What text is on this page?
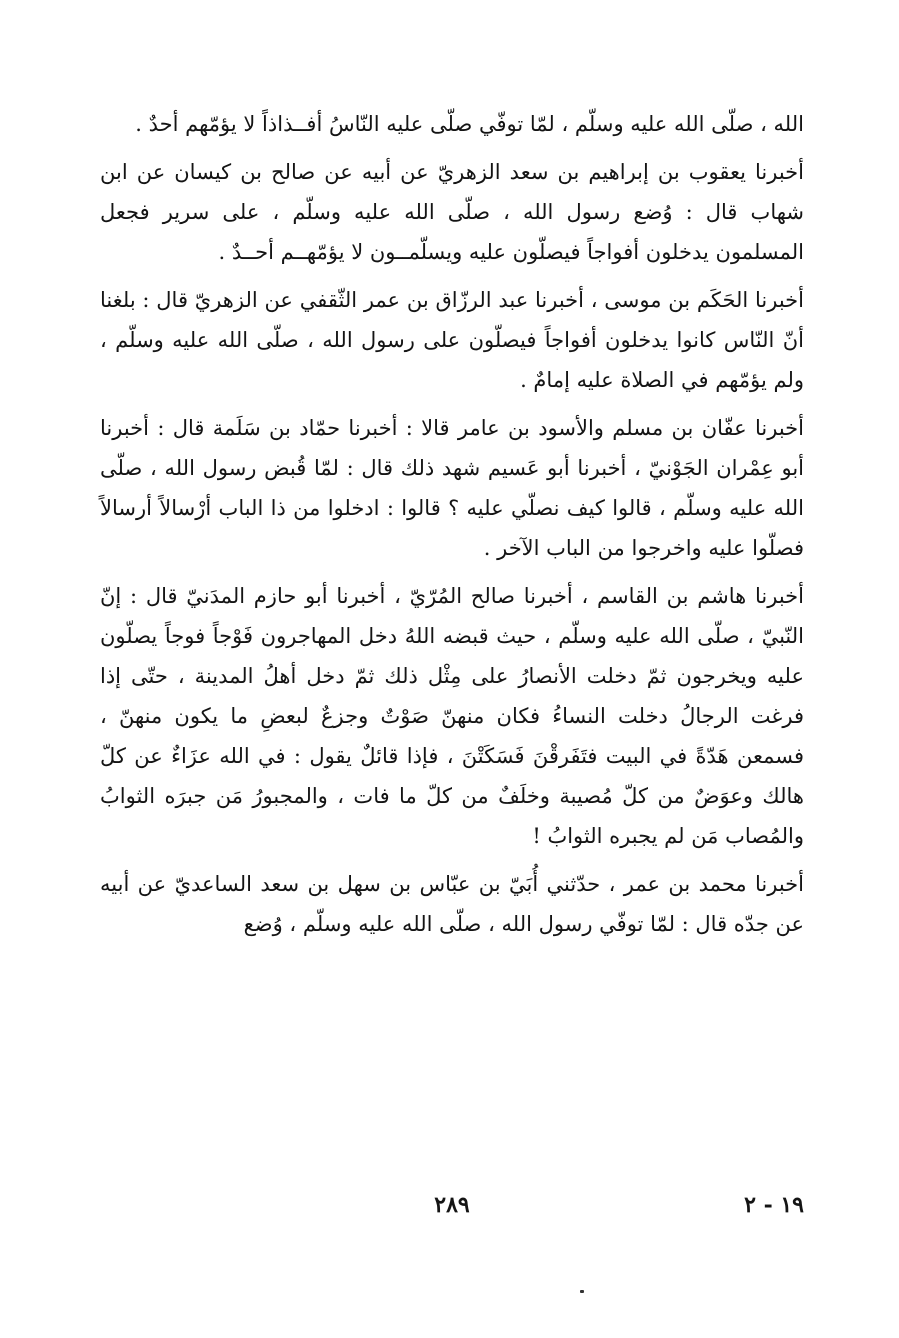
الله ، صلّى الله عليه وسلّم ، لمّا توفّي صلّى عليه النّاسُ أفــذاذاً لا يؤمّهم أحدٌ .

أخبرنا يعقوب بن إبراهيم بن سعد الزهريّ عن أبيه عن صالح بن كيسان عن ابن شهاب قال : وُضع رسول الله ، صلّى الله عليه وسلّم ، على سرير فجعل المسلمون يدخلون أفواجاً فيصلّون عليه ويسلّمــون لا يؤمّهــم أحــدٌ .

أخبرنا الحَكَم بن موسى ، أخبرنا عبد الرزّاق بن عمر الثّقفي عن الزهريّ قال : بلغنا أنّ النّاس كانوا يدخلون أفواجاً فيصلّون على رسول الله ، صلّى الله عليه وسلّم ، ولم يؤمّهم في الصلاة عليه إمامٌ .

أخبرنا عفّان بن مسلم والأسود بن عامر قالا : أخبرنا حمّاد بن سَلَمة قال : أخبرنا أبو عِمْران الجَوْنيّ ، أخبرنا أبو عَسيم شهد ذلك قال : لمّا قُبض رسول الله ، صلّى الله عليه وسلّم ، قالوا كيف نصلّي عليه ؟ قالوا : ادخلوا من ذا الباب أرْسالاً أرسالاً فصلّوا عليه واخرجوا من الباب الآخر .

أخبرنا هاشم بن القاسم ، أخبرنا صالح المُرّيّ ، أخبرنا أبو حازم المدَنيّ قال : إنّ النّبيّ ، صلّى الله عليه وسلّم ، حيث قبضه اللهُ دخل المهاجرون فَوْجاً فوجاً يصلّون عليه ويخرجون ثمّ دخلت الأنصارُ على مِثْل ذلك ثمّ دخل أهلُ المدينة ، حتّى إذا فرغت الرجالُ دخلت النساءُ فكان منهنّ صَوْتٌ وجزعٌ لبعضِ ما يكون منهنّ ، فسمعن هَدّةً في البيت فتَفَرقْنَ فَسَكَتْنَ ، فإذا قائلٌ يقول : في الله عزَاءٌ عن كلّ هالك وعوَضٌ من كلّ مُصيبة وخلَفٌ من كلّ ما فات ، والمجبورُ مَن جبرَه الثوابُ والمُصاب مَن لم يجبره الثوابُ !

أخبرنا محمد بن عمر ، حدّثني أُبَيّ بن عبّاس بن سهل بن سعد الساعديّ عن أبيه عن جدّه قال : لمّا توفّي رسول الله ، صلّى الله عليه وسلّم ، وُضع

١٩ - ٢
٢٨٩
